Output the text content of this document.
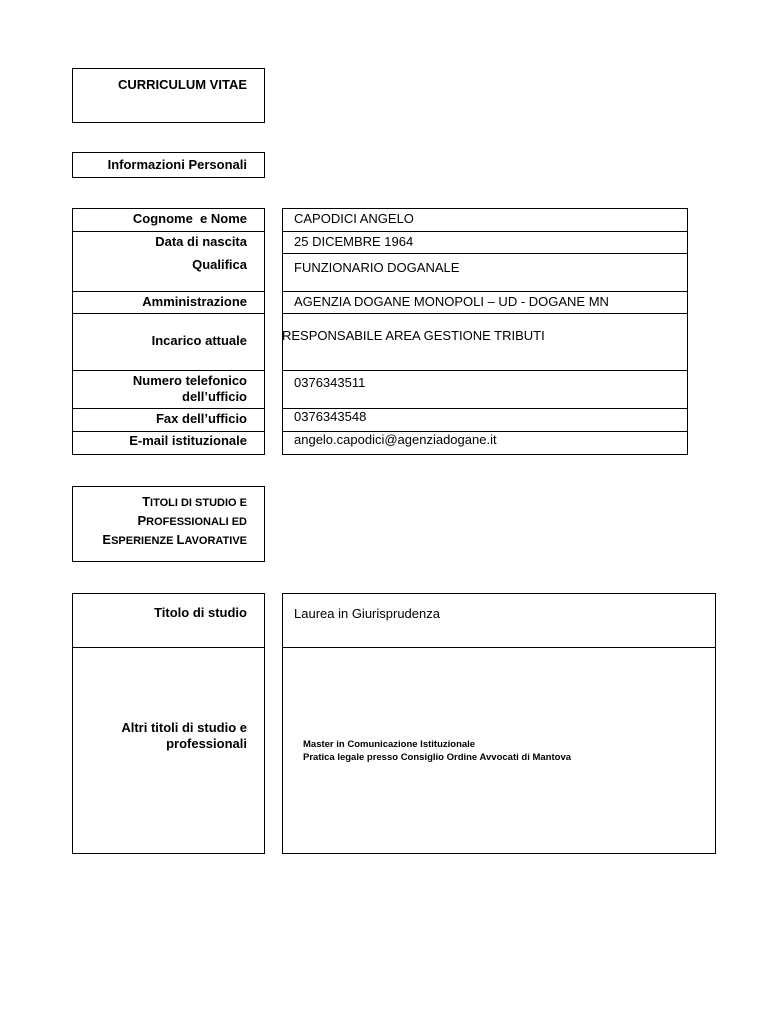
CURRICULUM VITAE
Informazioni Personali
Cognome  e Nome
Data di nascita
Qualifica
Amministrazione
Incarico attuale
Numero telefonico
dell’ufficio
Fax dell’ufficio
E-mail istituzionale
CAPODICI ANGELO
25 DICEMBRE 1964
FUNZIONARIO DOGANALE
AGENZIA DOGANE MONOPOLI – UD - DOGANE MN
RESPONSABILE AREA GESTIONE TRIBUTI
0376343511
0376343548
angelo.capodici@agenziadogane.it
TITOLI DI STUDIO E
PROFESSIONALI ED
ESPERIENZE LAVORATIVE
Titolo di studio	Laurea in Giurisprudenza
Altri titoli di studio e
professionali	Master in Comunicazione Istituzionale
Pratica legale presso Consiglio Ordine Avvocati di Mantova
